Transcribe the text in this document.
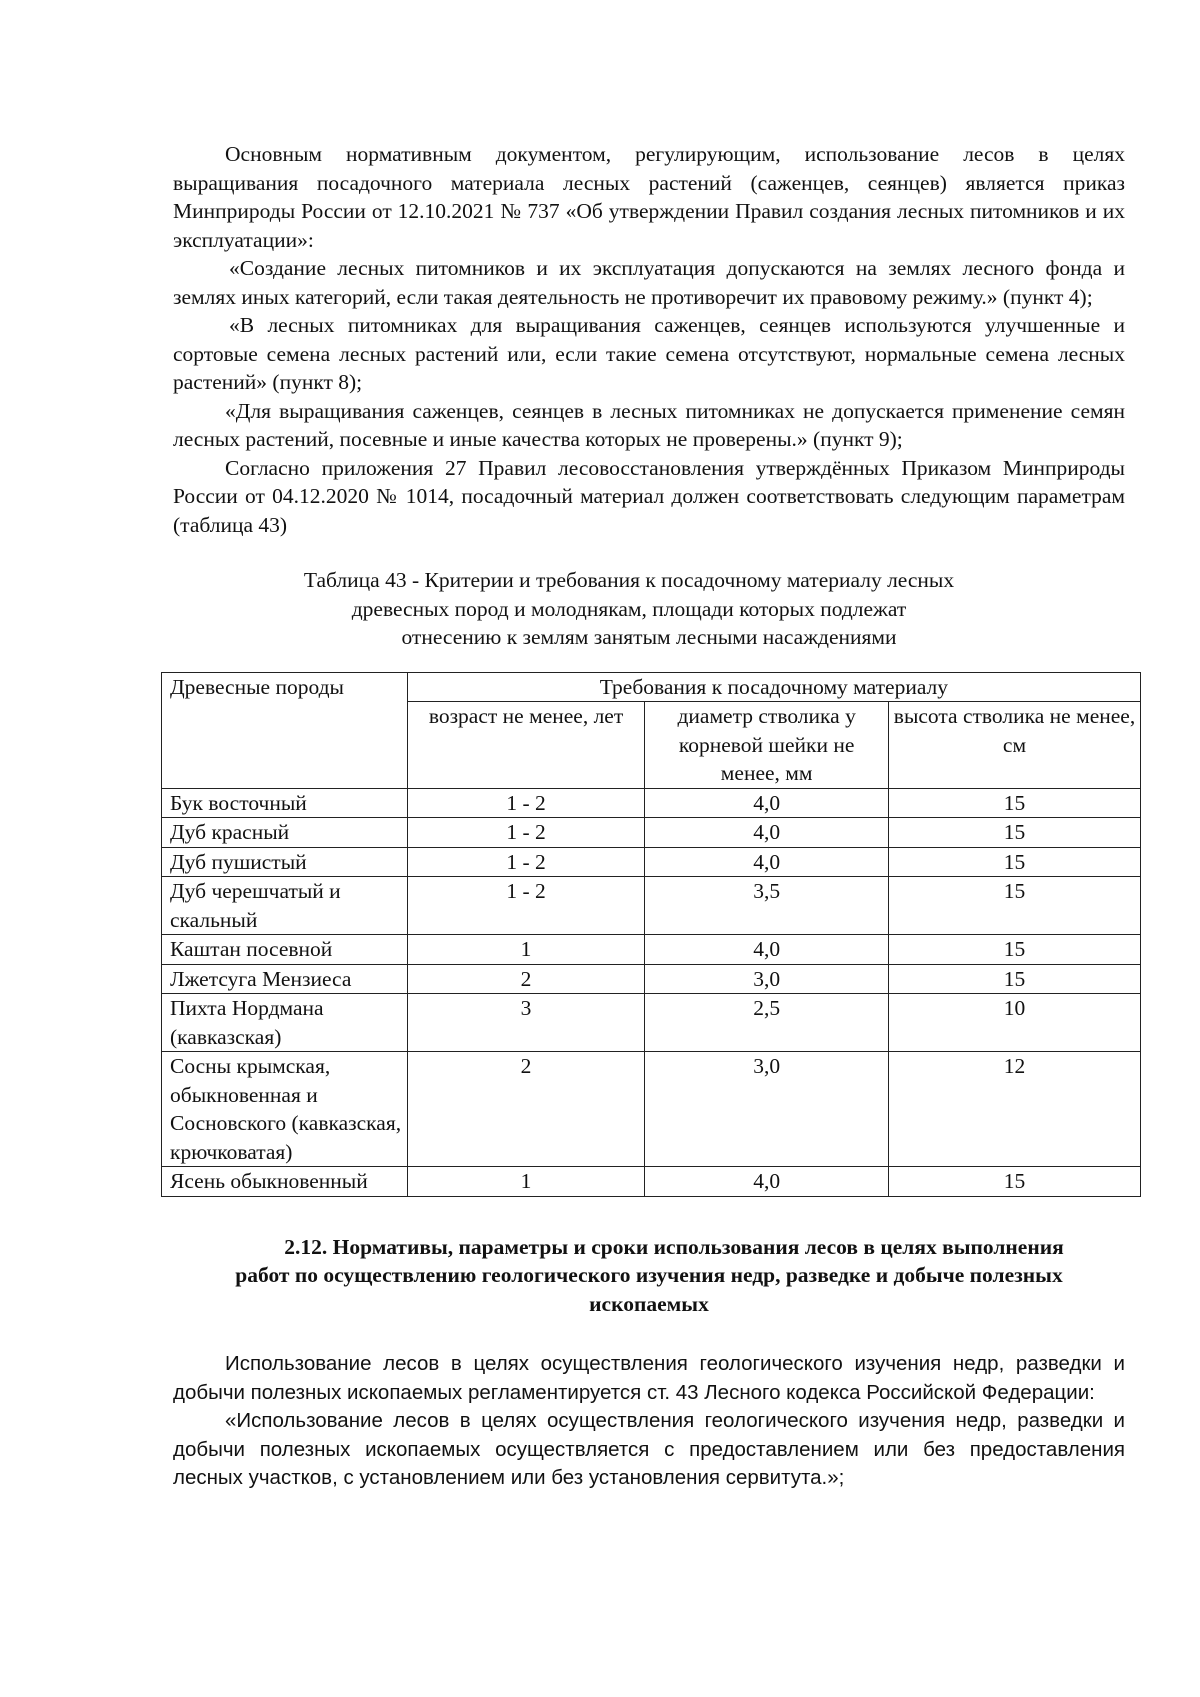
Основным нормативным документом, регулирующим, использование лесов в целях выращивания посадочного материала лесных растений (саженцев, сеянцев) является приказ Минприроды России от 12.10.2021 № 737 «Об утверждении Правил создания лесных питомников и их эксплуатации»:

«Создание лесных питомников и их эксплуатация допускаются на землях лесного фонда и землях иных категорий, если такая деятельность не противоречит их правовому режиму.» (пункт 4);

«В лесных питомниках для выращивания саженцев, сеянцев используются улучшенные и сортовые семена лесных растений или, если такие семена отсутствуют, нормальные семена лесных растений» (пункт 8);

«Для выращивания саженцев, сеянцев в лесных питомниках не допускается применение семян лесных растений, посевные и иные качества которых не проверены.» (пункт 9);

Согласно приложения 27 Правил лесовосстановления утверждённых Приказом Минприроды России от 04.12.2020 № 1014, посадочный материал должен соответствовать следующим параметрам (таблица 43)

Таблица 43 - Критерии и требования к посадочному материалу лесных
древесных пород и молоднякам, площади которых подлежат
отнесению к землям занятым лесными насаждениями
Древесные породы	Требования к посадочному материалу		
	возраст не менее, лет	диаметр стволика у корневой шейки не менее, мм	высота стволика не менее, см
Бук восточный	1 - 2	4,0	15
Дуб красный	1 - 2	4,0	15
Дуб пушистый	1 - 2	4,0	15
Дуб черешчатый и скальный	1 - 2	3,5	15
Каштан посевной	1	4,0	15
Лжетсуга Мензиеса	2	3,0	15
Пихта Нордмана (кавказская)	3	2,5	10
Сосны крымская, обыкновенная и Сосновского (кавказская, крючковатая)	2	3,0	12
Ясень обыкновенный	1	4,0	15
2.12. Нормативы, параметры и сроки использования лесов в целях выполнения
работ по осуществлению геологического изучения недр, разведке и добыче полезных
ископаемых

Использование лесов в целях осуществления геологического изучения недр, разведки и добычи полезных ископаемых регламентируется ст. 43 Лесного кодекса Российской Федерации:

«Использование лесов в целях осуществления геологического изучения недр, разведки и добычи полезных ископаемых осуществляется с предоставлением или без предоставления лесных участков, с установлением или без установления сервитута.»;
